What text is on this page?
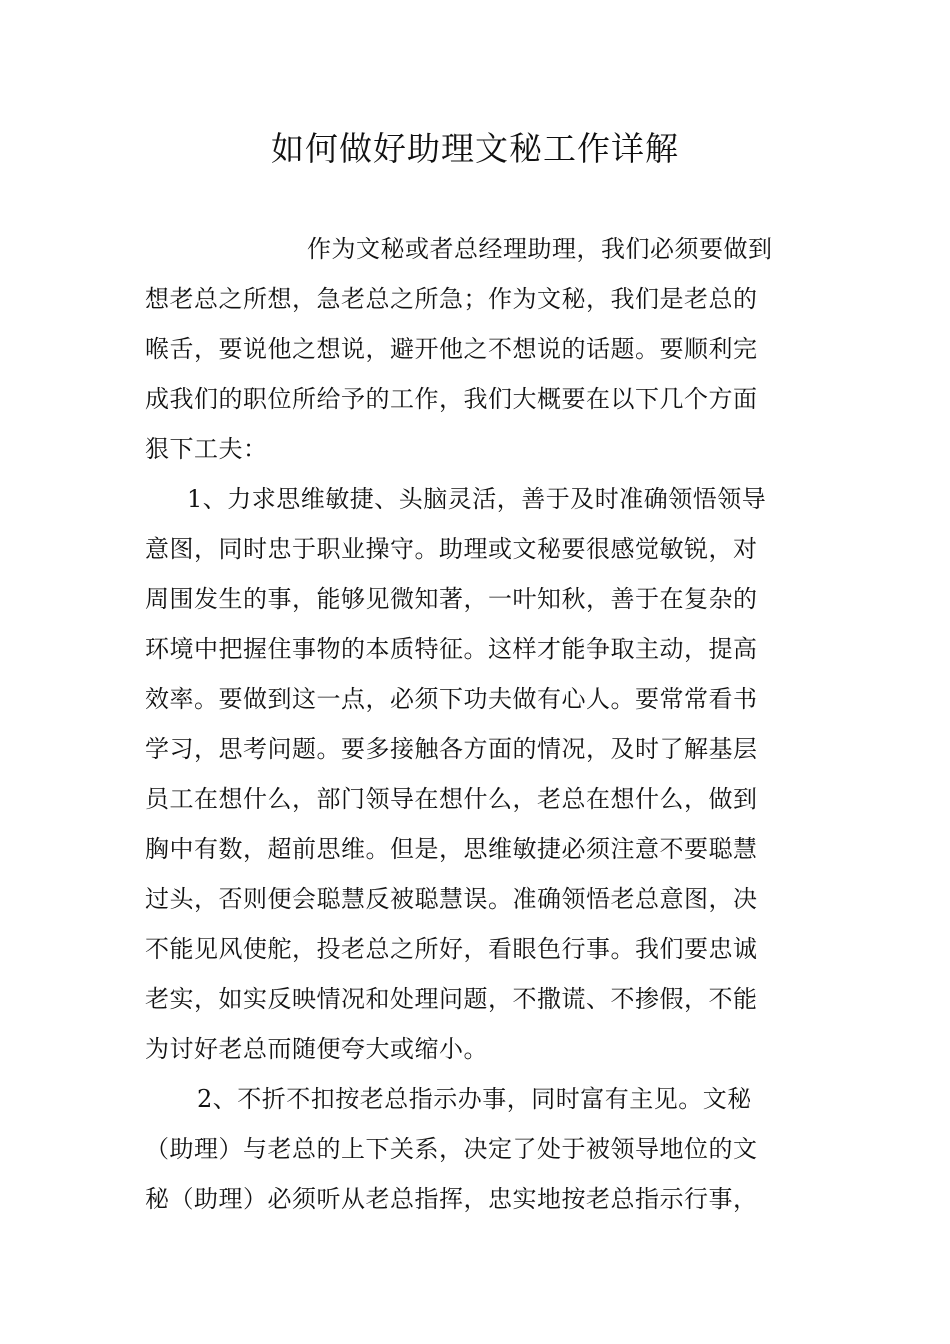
如何做好助理文秘工作详解
作为文秘或者总经理助理，我们必须要做到
想老总之所想，急老总之所急；作为文秘，我们是老总的
喉舌，要说他之想说，避开他之不想说的话题。要顺利完
成我们的职位所给予的工作，我们大概要在以下几个方面
狠下工夫：
1、力求思维敏捷、头脑灵活，善于及时准确领悟领导
意图，同时忠于职业操守。助理或文秘要很感觉敏锐，对
周围发生的事，能够见微知著，一叶知秋，善于在复杂的
环境中把握住事物的本质特征。这样才能争取主动，提高
效率。要做到这一点，必须下功夫做有心人。要常常看书
学习，思考问题。要多接触各方面的情况，及时了解基层
员工在想什么，部门领导在想什么，老总在想什么，做到
胸中有数，超前思维。但是，思维敏捷必须注意不要聪慧
过头，否则便会聪慧反被聪慧误。准确领悟老总意图，决
不能见风使舵，投老总之所好，看眼色行事。我们要忠诚
老实，如实反映情况和处理问题，不撒谎、不掺假，不能
为讨好老总而随便夸大或缩小。
2、不折不扣按老总指示办事，同时富有主见。文秘
（助理）与老总的上下关系，决定了处于被领导地位的文
秘（助理）必须听从老总指挥，忠实地按老总指示行事，
